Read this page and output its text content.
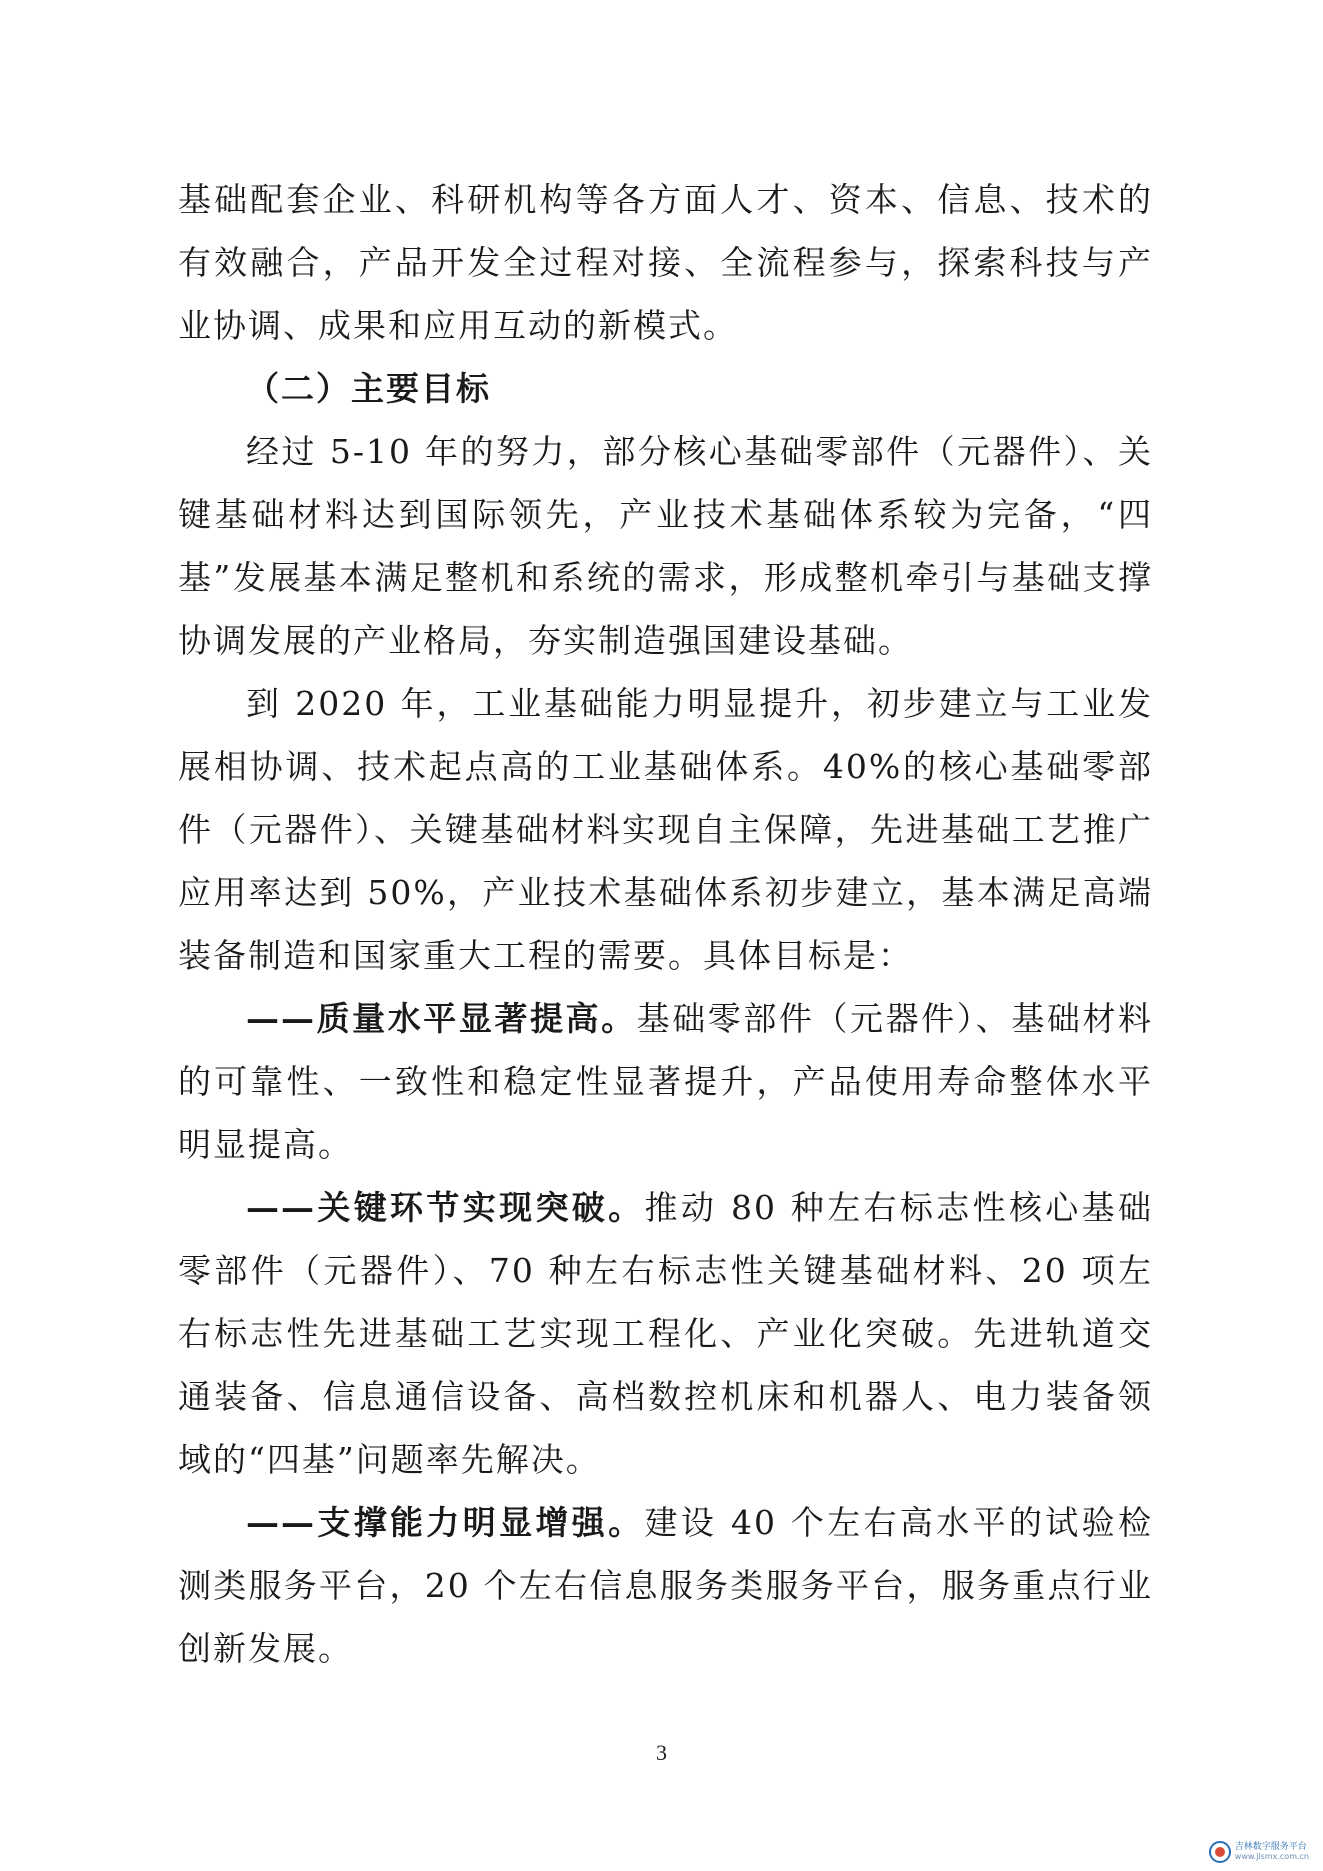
基础配套企业、科研机构等各方面人才、资本、信息、技术的有效融合，产品开发全过程对接、全流程参与，探索科技与产业协调、成果和应用互动的新模式。

（二）主要目标

经过 5-10 年的努力，部分核心基础零部件（元器件）、关键基础材料达到国际领先，产业技术基础体系较为完备，“四基”发展基本满足整机和系统的需求，形成整机牵引与基础支撑协调发展的产业格局，夯实制造强国建设基础。

到 2020 年，工业基础能力明显提升，初步建立与工业发展相协调、技术起点高的工业基础体系。40%的核心基础零部件（元器件）、关键基础材料实现自主保障，先进基础工艺推广应用率达到 50%，产业技术基础体系初步建立，基本满足高端装备制造和国家重大工程的需要。具体目标是：

——质量水平显著提高。基础零部件（元器件）、基础材料的可靠性、一致性和稳定性显著提升，产品使用寿命整体水平明显提高。

——关键环节实现突破。推动 80 种左右标志性核心基础零部件（元器件）、70 种左右标志性关键基础材料、20 项左右标志性先进基础工艺实现工程化、产业化突破。先进轨道交通装备、信息通信设备、高档数控机床和机器人、电力装备领域的“四基”问题率先解决。

——支撑能力明显增强。建设 40 个左右高水平的试验检测类服务平台，20 个左右信息服务类服务平台，服务重点行业创新发展。

3
吉林数字服务平台
www.jlsmx.com.cn
